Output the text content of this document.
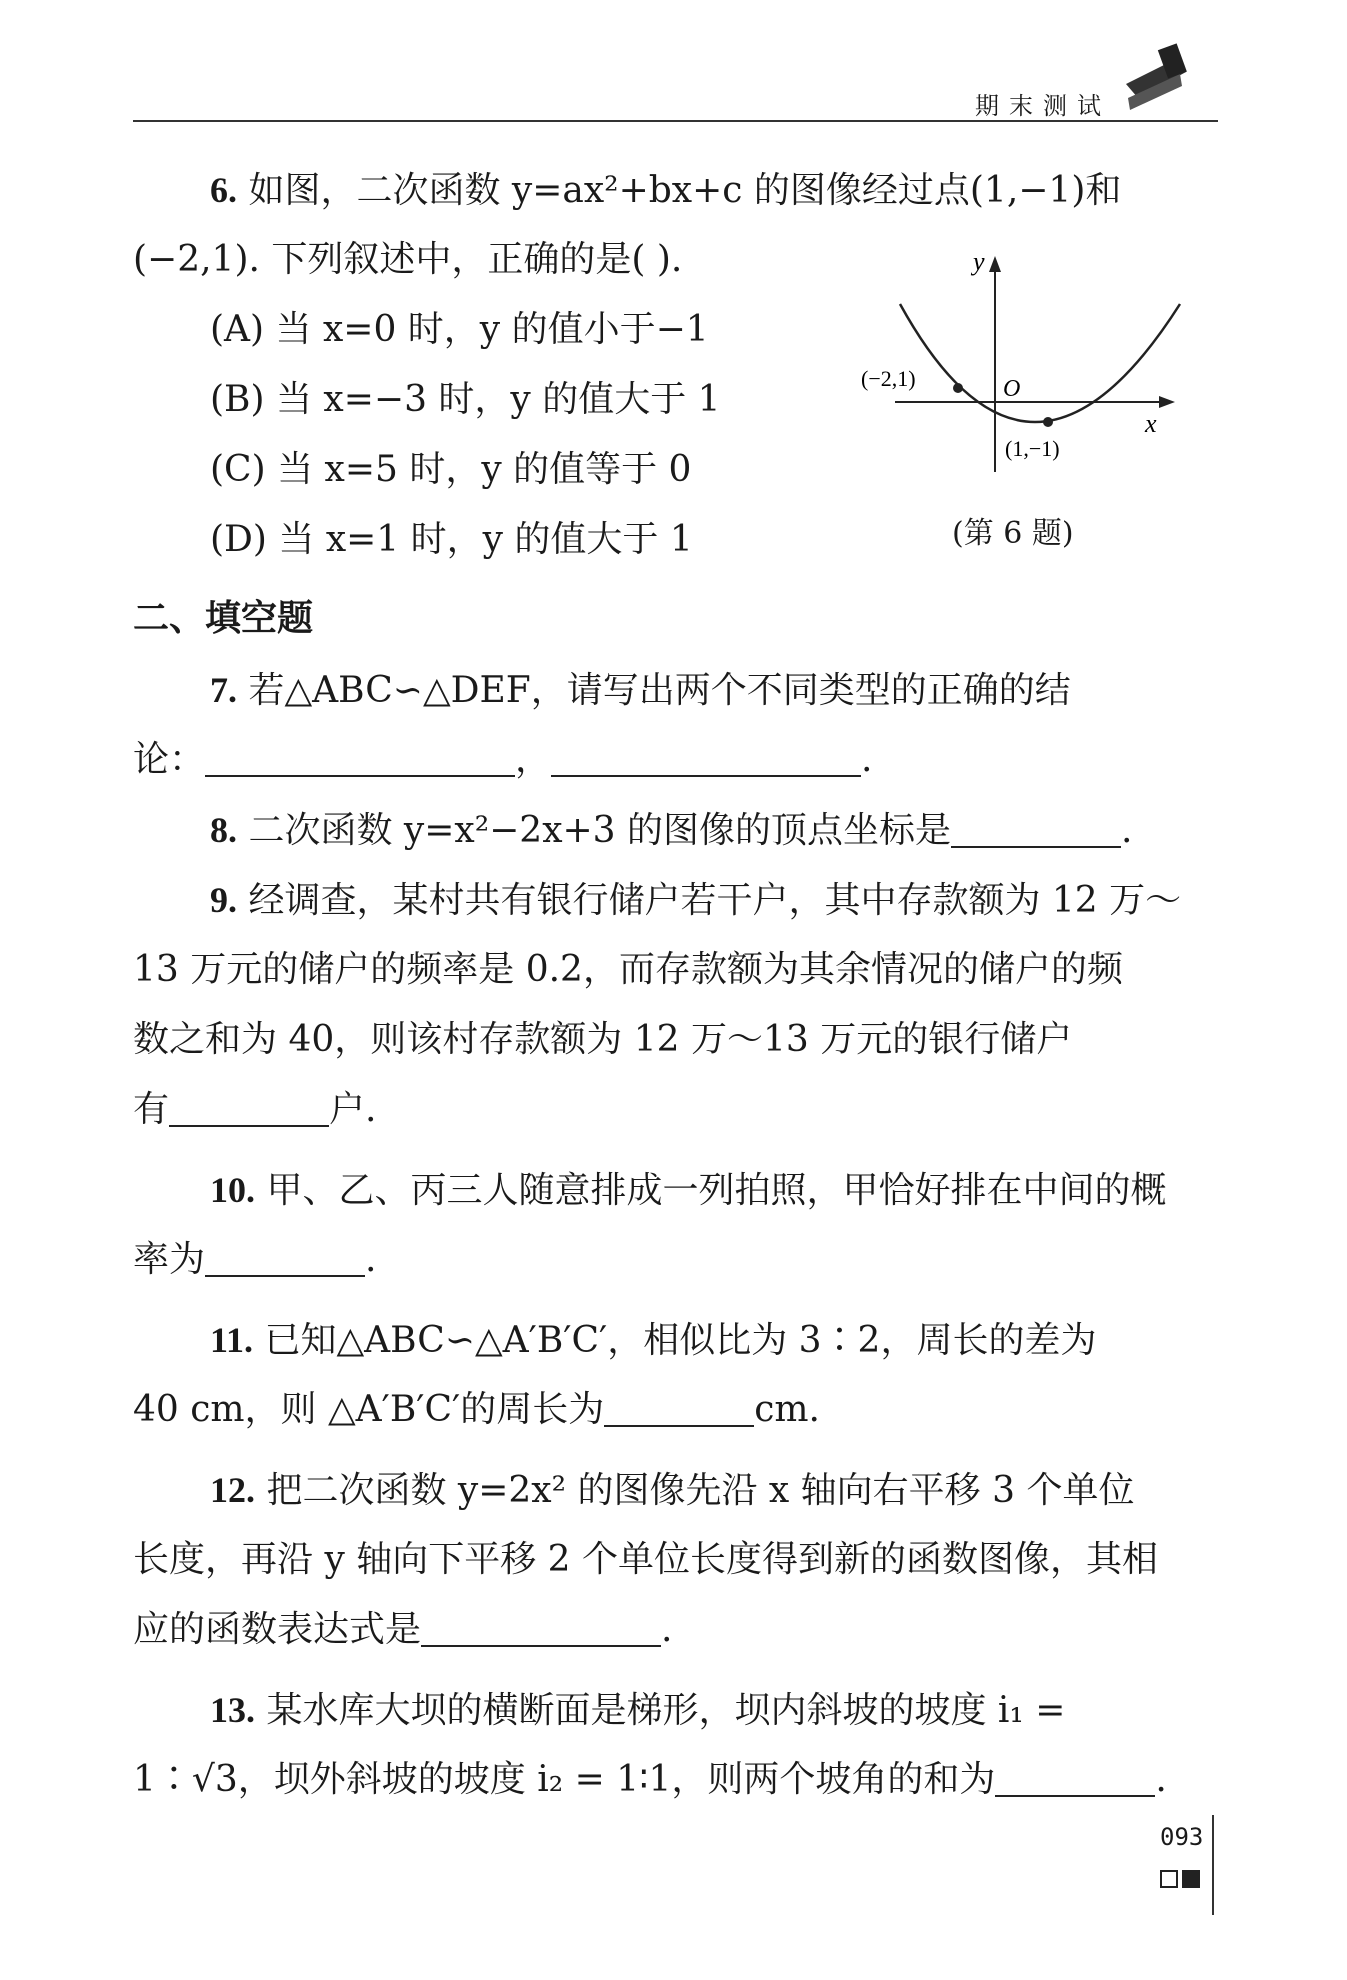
期末测试
6. 如图，二次函数 y=ax²+bx+c 的图像经过点(1,−1)和
(−2,1). 下列叙述中，正确的是( ).
(A) 当 x=0 时，y 的值小于−1
(B) 当 x=−3 时，y 的值大于 1
(C) 当 x=5 时，y 的值等于 0
(D) 当 x=1 时，y 的值大于 1
y
x
O
(−2,1)
(1,−1)
(第 6 题)
二、填空题
7. 若△ABC∽△DEF，请写出两个不同类型的正确的结
论：	，	.
8. 二次函数 y=x²−2x+3 的图像的顶点坐标是	.
9. 经调查，某村共有银行储户若干户，其中存款额为 12 万～
13 万元的储户的频率是 0.2，而存款额为其余情况的储户的频
数之和为 40，则该村存款额为 12 万～13 万元的银行储户
有	户.
10. 甲、乙、丙三人随意排成一列拍照，甲恰好排在中间的概
率为	.
11. 已知△ABC∽△A′B′C′，相似比为 3∶2，周长的差为
40 cm，则 △A′B′C′的周长为	cm.
12. 把二次函数 y=2x² 的图像先沿 x 轴向右平移 3 个单位
长度，再沿 y 轴向下平移 2 个单位长度得到新的函数图像，其相
应的函数表达式是	.
13. 某水库大坝的横断面是梯形，坝内斜坡的坡度 i₁ =
1∶√3，坝外斜坡的坡度 i₂ = 1∶1，则两个坡角的和为	.
093
